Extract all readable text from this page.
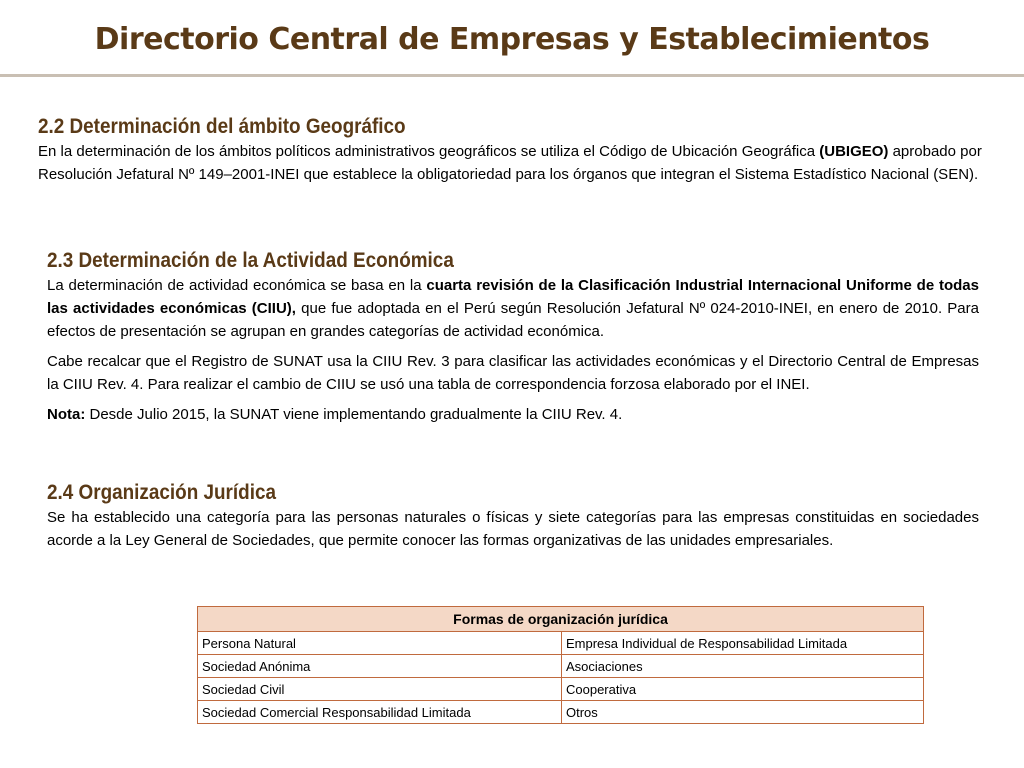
Directorio Central de Empresas y Establecimientos
2.2 Determinación del ámbito Geográfico

En la determinación de los ámbitos políticos administrativos geográficos se utiliza el Código de Ubicación Geográfica (UBIGEO) aprobado por Resolución Jefatural Nº 149–2001-INEI que establece la obligatoriedad para los órganos que integran el Sistema Estadístico Nacional (SEN).

2.3 Determinación de la Actividad Económica

La determinación de actividad económica se basa en la cuarta revisión de la Clasificación Industrial Internacional Uniforme de todas las actividades económicas (CIIU), que fue adoptada en el Perú según Resolución Jefatural Nº 024-2010-INEI, en enero de 2010. Para efectos de presentación se agrupan en grandes categorías de actividad económica.

Cabe recalcar que el Registro de SUNAT usa la CIIU Rev. 3 para clasificar las actividades económicas y el Directorio Central de Empresas la CIIU Rev. 4. Para realizar el cambio de CIIU se usó una tabla de correspondencia forzosa elaborado por el INEI.

Nota: Desde Julio 2015, la SUNAT viene implementando gradualmente la CIIU Rev. 4.

2.4 Organización Jurídica

Se ha establecido una categoría para las personas naturales o físicas y siete categorías para las empresas constituidas en sociedades acorde a la Ley General de Sociedades, que permite conocer las formas organizativas de las unidades empresariales.

Formas de organización jurídica	
Persona Natural	Empresa Individual de Responsabilidad Limitada
Sociedad Anónima	Asociaciones
Sociedad Civil	Cooperativa
Sociedad Comercial Responsabilidad Limitada	Otros
